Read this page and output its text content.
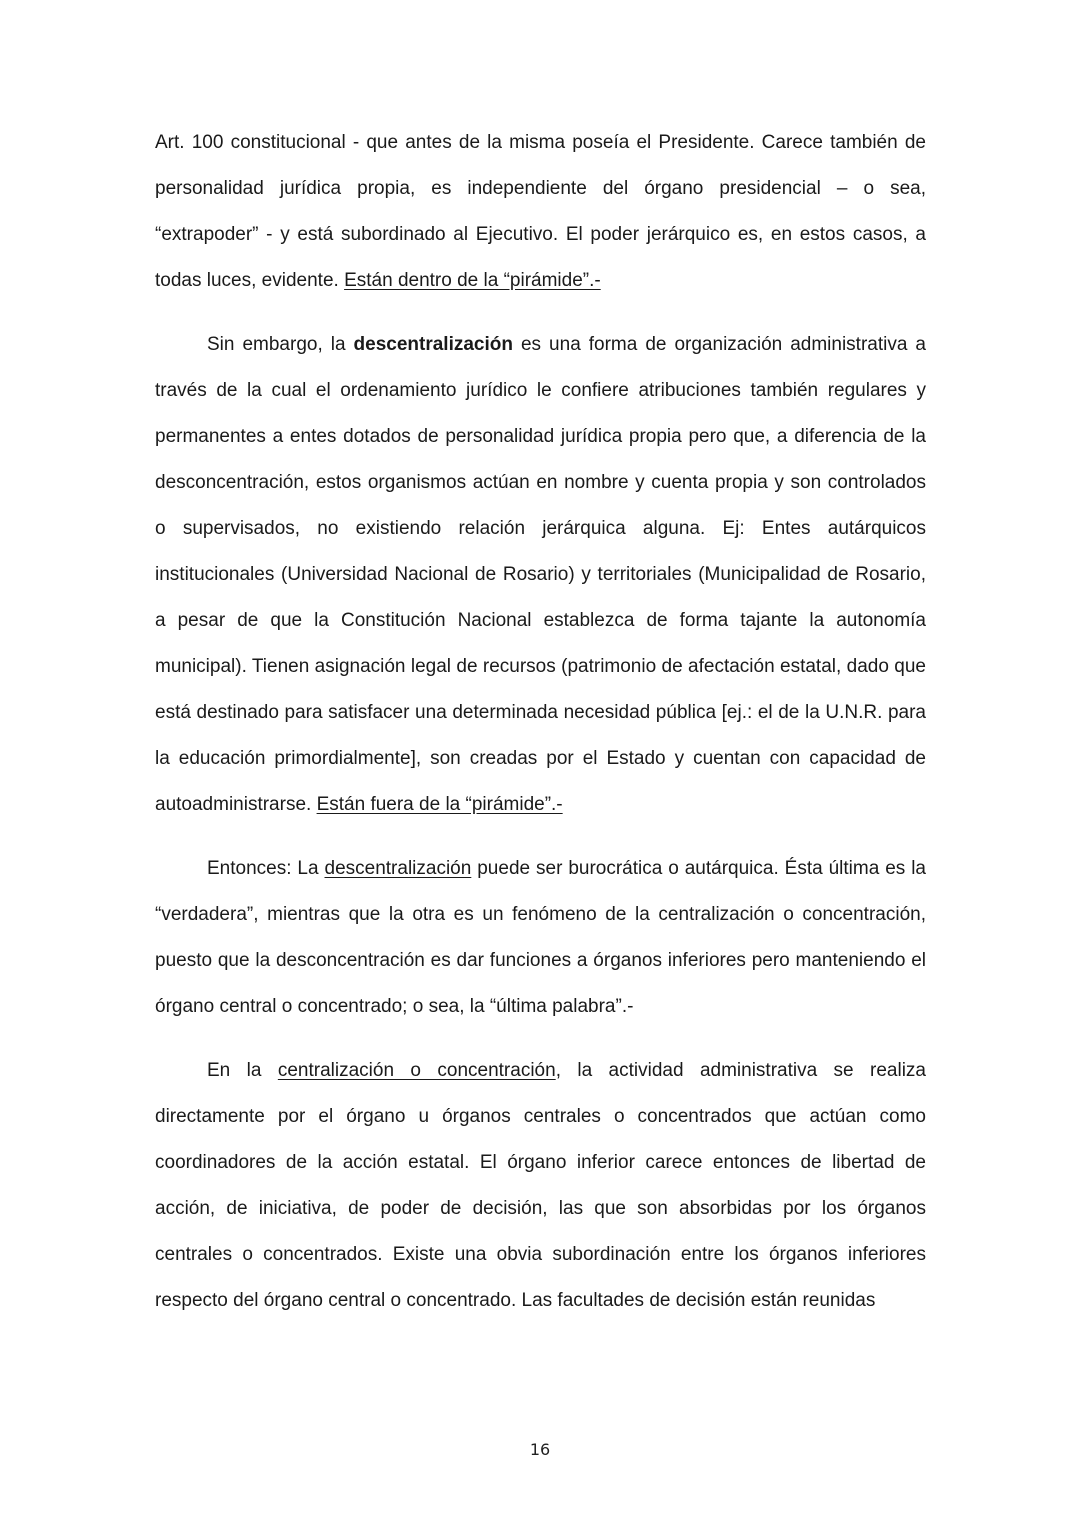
Art. 100 constitucional - que antes de la misma poseía el Presidente. Carece también de personalidad jurídica propia, es independiente del órgano presidencial – o sea, “extrapoder” - y está subordinado al Ejecutivo. El poder jerárquico es, en estos casos, a todas luces, evidente. Están dentro de la “pirámide”.-

Sin embargo, la descentralización es una forma de organización administrativa a través de la cual el ordenamiento jurídico le confiere atribuciones también regulares y permanentes a entes dotados de personalidad jurídica propia pero que, a diferencia de la desconcentración, estos organismos actúan en nombre y cuenta propia y son controlados o supervisados, no existiendo relación jerárquica alguna. Ej: Entes autárquicos institucionales (Universidad Nacional de Rosario) y territoriales (Municipalidad de Rosario, a pesar de que la Constitución Nacional establezca de forma tajante la autonomía municipal). Tienen asignación legal de recursos (patrimonio de afectación estatal, dado que está destinado para satisfacer una determinada necesidad pública [ej.: el de la U.N.R. para la educación primordialmente], son creadas por el Estado y cuentan con capacidad de autoadministrarse. Están fuera de la “pirámide”.-

Entonces: La descentralización puede ser burocrática o autárquica. Ésta última es la “verdadera”, mientras que la otra es un fenómeno de la centralización o concentración, puesto que la desconcentración es dar funciones a órganos inferiores pero manteniendo el órgano central o concentrado; o sea, la “última palabra”.-

En la centralización o concentración, la actividad administrativa se realiza directamente por el órgano u órganos centrales o concentrados que actúan como coordinadores de la acción estatal. El órgano inferior carece entonces de libertad de acción, de iniciativa, de poder de decisión, las que son absorbidas por los órganos centrales o concentrados. Existe una obvia subordinación entre los órganos inferiores respecto del órgano central o concentrado. Las facultades de decisión están reunidas

16
